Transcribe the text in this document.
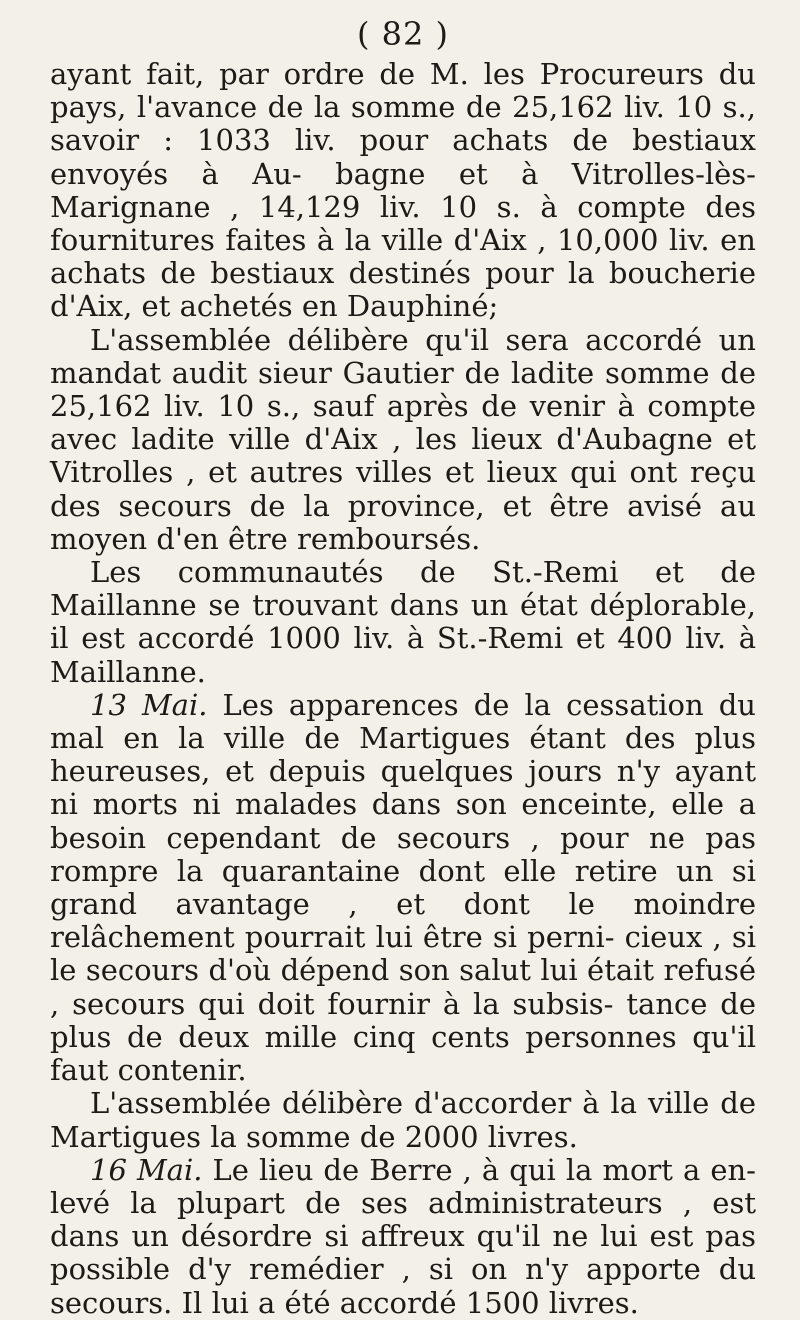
( 82 )

ayant fait, par ordre de M. les Procureurs du pays, l'avance de la somme de 25,162 liv. 10 s., savoir : 1033 liv. pour achats de bestiaux envoyés à Au- bagne et à Vitrolles-lès-Marignane , 14,129 liv. 10 s. à compte des fournitures faites à la ville d'Aix , 10,000 liv. en achats de bestiaux destinés pour la boucherie d'Aix, et achetés en Dauphiné;

L'assemblée délibère qu'il sera accordé un mandat audit sieur Gautier de ladite somme de 25,162 liv. 10 s., sauf après de venir à compte avec ladite ville d'Aix , les lieux d'Aubagne et Vitrolles , et autres villes et lieux qui ont reçu des secours de la province, et être avisé au moyen d'en être remboursés.

Les communautés de St.-Remi et de Maillanne se trouvant dans un état déplorable, il est accordé 1000 liv. à St.-Remi et 400 liv. à Maillanne.

13 Mai. Les apparences de la cessation du mal en la ville de Martigues étant des plus heureuses, et depuis quelques jours n'y ayant ni morts ni malades dans son enceinte, elle a besoin cependant de secours , pour ne pas rompre la quarantaine dont elle retire un si grand avantage , et dont le moindre relâchement pourrait lui être si perni- cieux , si le secours d'où dépend son salut lui était refusé , secours qui doit fournir à la subsis- tance de plus de deux mille cinq cents personnes qu'il faut contenir.

L'assemblée délibère d'accorder à la ville de Martigues la somme de 2000 livres.

16 Mai. Le lieu de Berre , à qui la mort a en- levé la plupart de ses administrateurs , est dans un désordre si affreux qu'il ne lui est pas possible d'y remédier , si on n'y apporte du secours. Il lui a été accordé 1500 livres.
